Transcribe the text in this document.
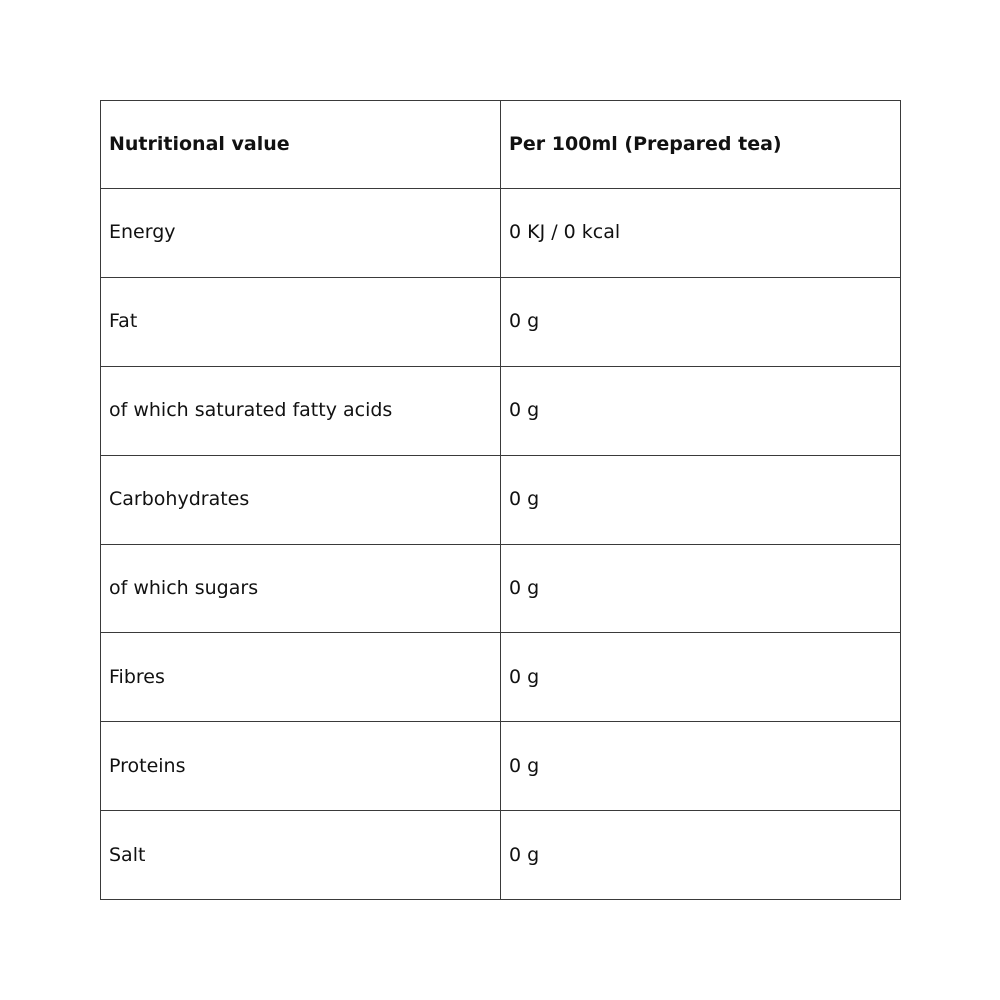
Nutritional value	Per 100ml (Prepared tea)
Energy	0 KJ / 0 kcal
Fat	0 g
of which saturated fatty acids	0 g
Carbohydrates	0 g
of which sugars	0 g
Fibres	0 g
Proteins	0 g
Salt	0 g
